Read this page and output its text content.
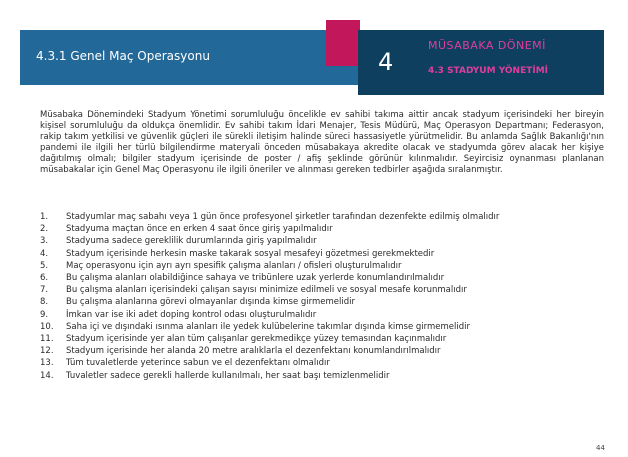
4.3.1 Genel Maç Operasyonu	4
MÜSABAKA DÖNEMİ
4.3 STADYUM YÖNETİMİ

Müsabaka Dönemindeki Stadyum Yönetimi sorumluluğu öncelikle ev sahibi takıma aittir ancak stadyum içerisindeki her bireyin kişisel sorumluluğu da oldukça önemlidir. Ev sahibi takım İdari Menajer, Tesis Müdürü, Maç Operasyon Departmanı; Federasyon, rakip takım yetkilisi ve güvenlik güçleri ile sürekli iletişim halinde süreci hassasiyetle yürütmelidir. Bu anlamda Sağlık Bakanlığı'nın pandemi ile ilgili her türlü bilgilendirme materyali önceden müsabakaya akredite olacak ve stadyumda görev alacak her kişiye dağıtılmış olmalı; bilgiler stadyum içerisinde de poster / afiş şeklinde görünür kılınmalıdır. Seyircisiz oynanması planlanan müsabakalar için Genel Maç Operasyonu ile ilgili öneriler ve alınması gereken tedbirler aşağıda sıralanmıştır.

1.	Stadyumlar maç sabahı veya 1 gün önce profesyonel şirketler tarafından dezenfekte edilmiş olmalıdır
2.	Stadyuma maçtan önce en erken 4 saat önce giriş yapılmalıdır
3.	Stadyuma sadece gereklilik durumlarında giriş yapılmalıdır
4.	Stadyum içerisinde herkesin maske takarak sosyal mesafeyi gözetmesi gerekmektedir
5.	Maç operasyonu için ayrı ayrı spesifik çalışma alanları / ofisleri oluşturulmalıdır
6.	Bu çalışma alanları olabildiğince sahaya ve tribünlere uzak yerlerde konumlandırılmalıdır
7.	Bu çalışma alanları içerisindeki çalışan sayısı minimize edilmeli ve sosyal mesafe korunmalıdır
8.	Bu çalışma alanlarına görevi olmayanlar dışında kimse girmemelidir
9.	İmkan var ise iki adet doping kontrol odası oluşturulmalıdır
10.	Saha içi ve dışındaki ısınma alanları ile yedek kulübelerine takımlar dışında kimse girmemelidir
11.	Stadyum içerisinde yer alan tüm çalışanlar gerekmedikçe yüzey temasından kaçınmalıdır
12.	Stadyum içerisinde her alanda 20 metre aralıklarla el dezenfektanı konumlandırılmalıdır
13.	Tüm tuvaletlerde yeterince sabun ve el dezenfektanı olmalıdır
14.	Tuvaletler sadece gerekli hallerde kullanılmalı, her saat başı temizlenmelidir
44
